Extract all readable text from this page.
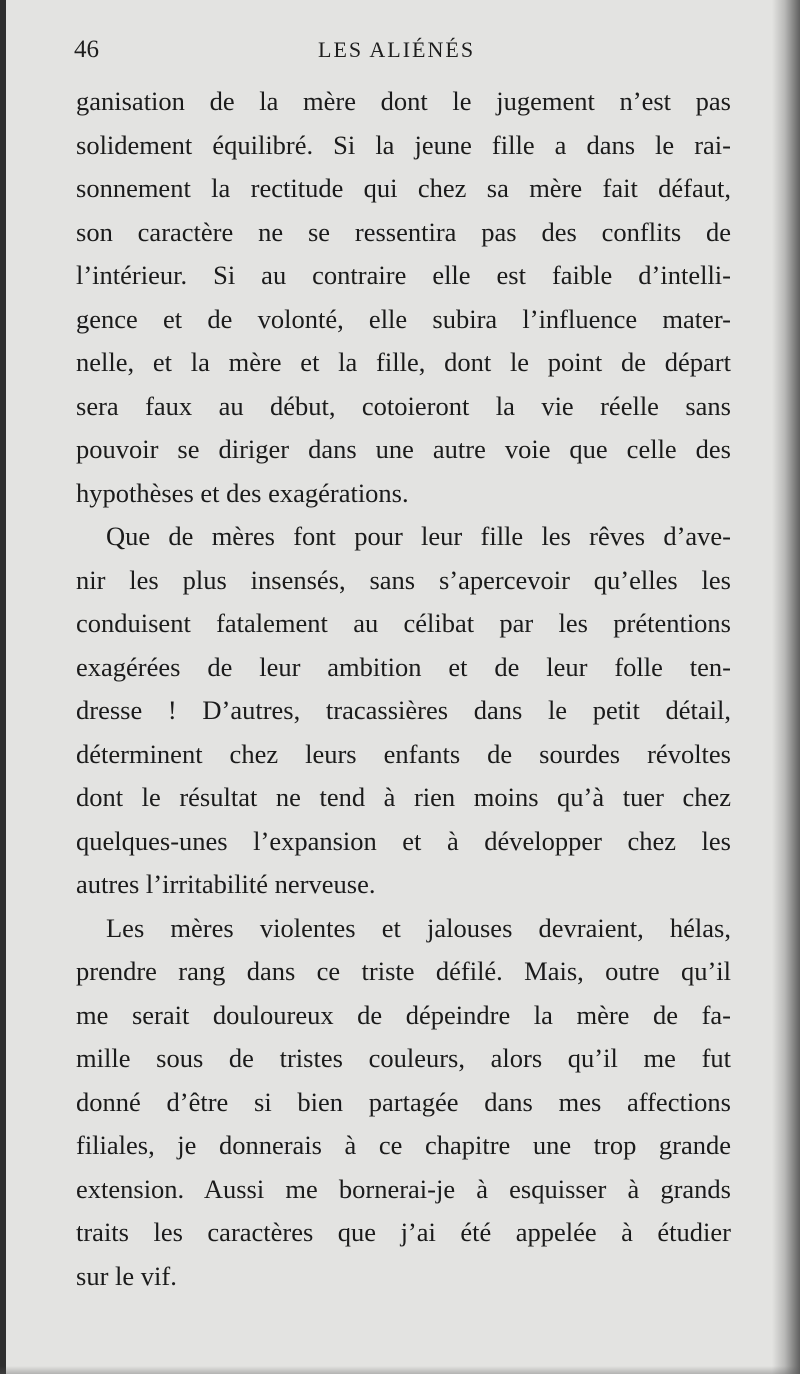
46	LES ALIÉNÉS
ganisation de la mère dont le jugement n’est pas
solidement équilibré. Si la jeune fille a dans le rai-
sonnement la rectitude qui chez sa mère fait défaut,
son caractère ne se ressentira pas des conflits de
l’intérieur. Si au contraire elle est faible d’intelli-
gence et de volonté, elle subira l’influence mater-
nelle, et la mère et la fille, dont le point de départ
sera faux au début, cotoieront la vie réelle sans
pouvoir se diriger dans une autre voie que celle des
hypothèses et des exagérations.
Que de mères font pour leur fille les rêves d’ave-
nir les plus insensés, sans s’apercevoir qu’elles les
conduisent fatalement au célibat par les prétentions
exagérées de leur ambition et de leur folle ten-
dresse ! D’autres, tracassières dans le petit détail,
déterminent chez leurs enfants de sourdes révoltes
dont le résultat ne tend à rien moins qu’à tuer chez
quelques-unes l’expansion et à développer chez les
autres l’irritabilité nerveuse.
Les mères violentes et jalouses devraient, hélas,
prendre rang dans ce triste défilé. Mais, outre qu’il
me serait douloureux de dépeindre la mère de fa-
mille sous de tristes couleurs, alors qu’il me fut
donné d’être si bien partagée dans mes affections
filiales, je donnerais à ce chapitre une trop grande
extension. Aussi me bornerai-je à esquisser à grands
traits les caractères que j’ai été appelée à étudier
sur le vif.
